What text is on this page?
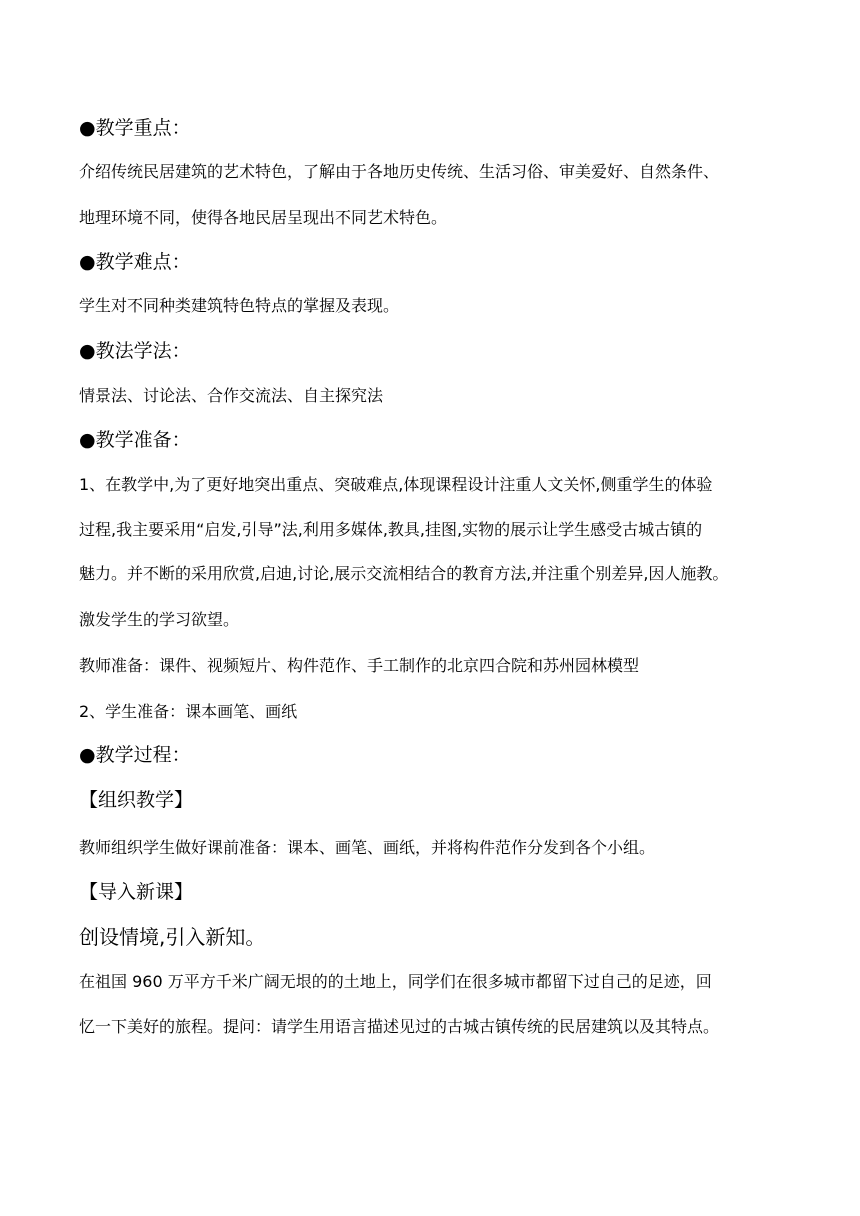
●教学重点：
介绍传统民居建筑的艺术特色，了解由于各地历史传统、生活习俗、审美爱好、自然条件、
地理环境不同，使得各地民居呈现出不同艺术特色。
●教学难点：
学生对不同种类建筑特色特点的掌握及表现。
●教法学法：
情景法、讨论法、合作交流法、自主探究法
●教学准备：
1、在教学中,为了更好地突出重点、突破难点,体现课程设计注重人文关怀,侧重学生的体验
过程,我主要采用“启发,引导”法,利用多媒体,教具,挂图,实物的展示让学生感受古城古镇的
魅力。并不断的采用欣赏,启迪,讨论,展示交流相结合的教育方法,并注重个别差异,因人施教。
激发学生的学习欲望。
教师准备：课件、视频短片、构件范作、手工制作的北京四合院和苏州园林模型
2、学生准备：课本画笔、画纸
●教学过程：
【组织教学】
教师组织学生做好课前准备：课本、画笔、画纸，并将构件范作分发到各个小组。
【导入新课】
创设情境,引入新知。
在祖国 960 万平方千米广阔无垠的的土地上，同学们在很多城市都留下过自己的足迹，回
忆一下美好的旅程。提问：请学生用语言描述见过的古城古镇传统的民居建筑以及其特点。
